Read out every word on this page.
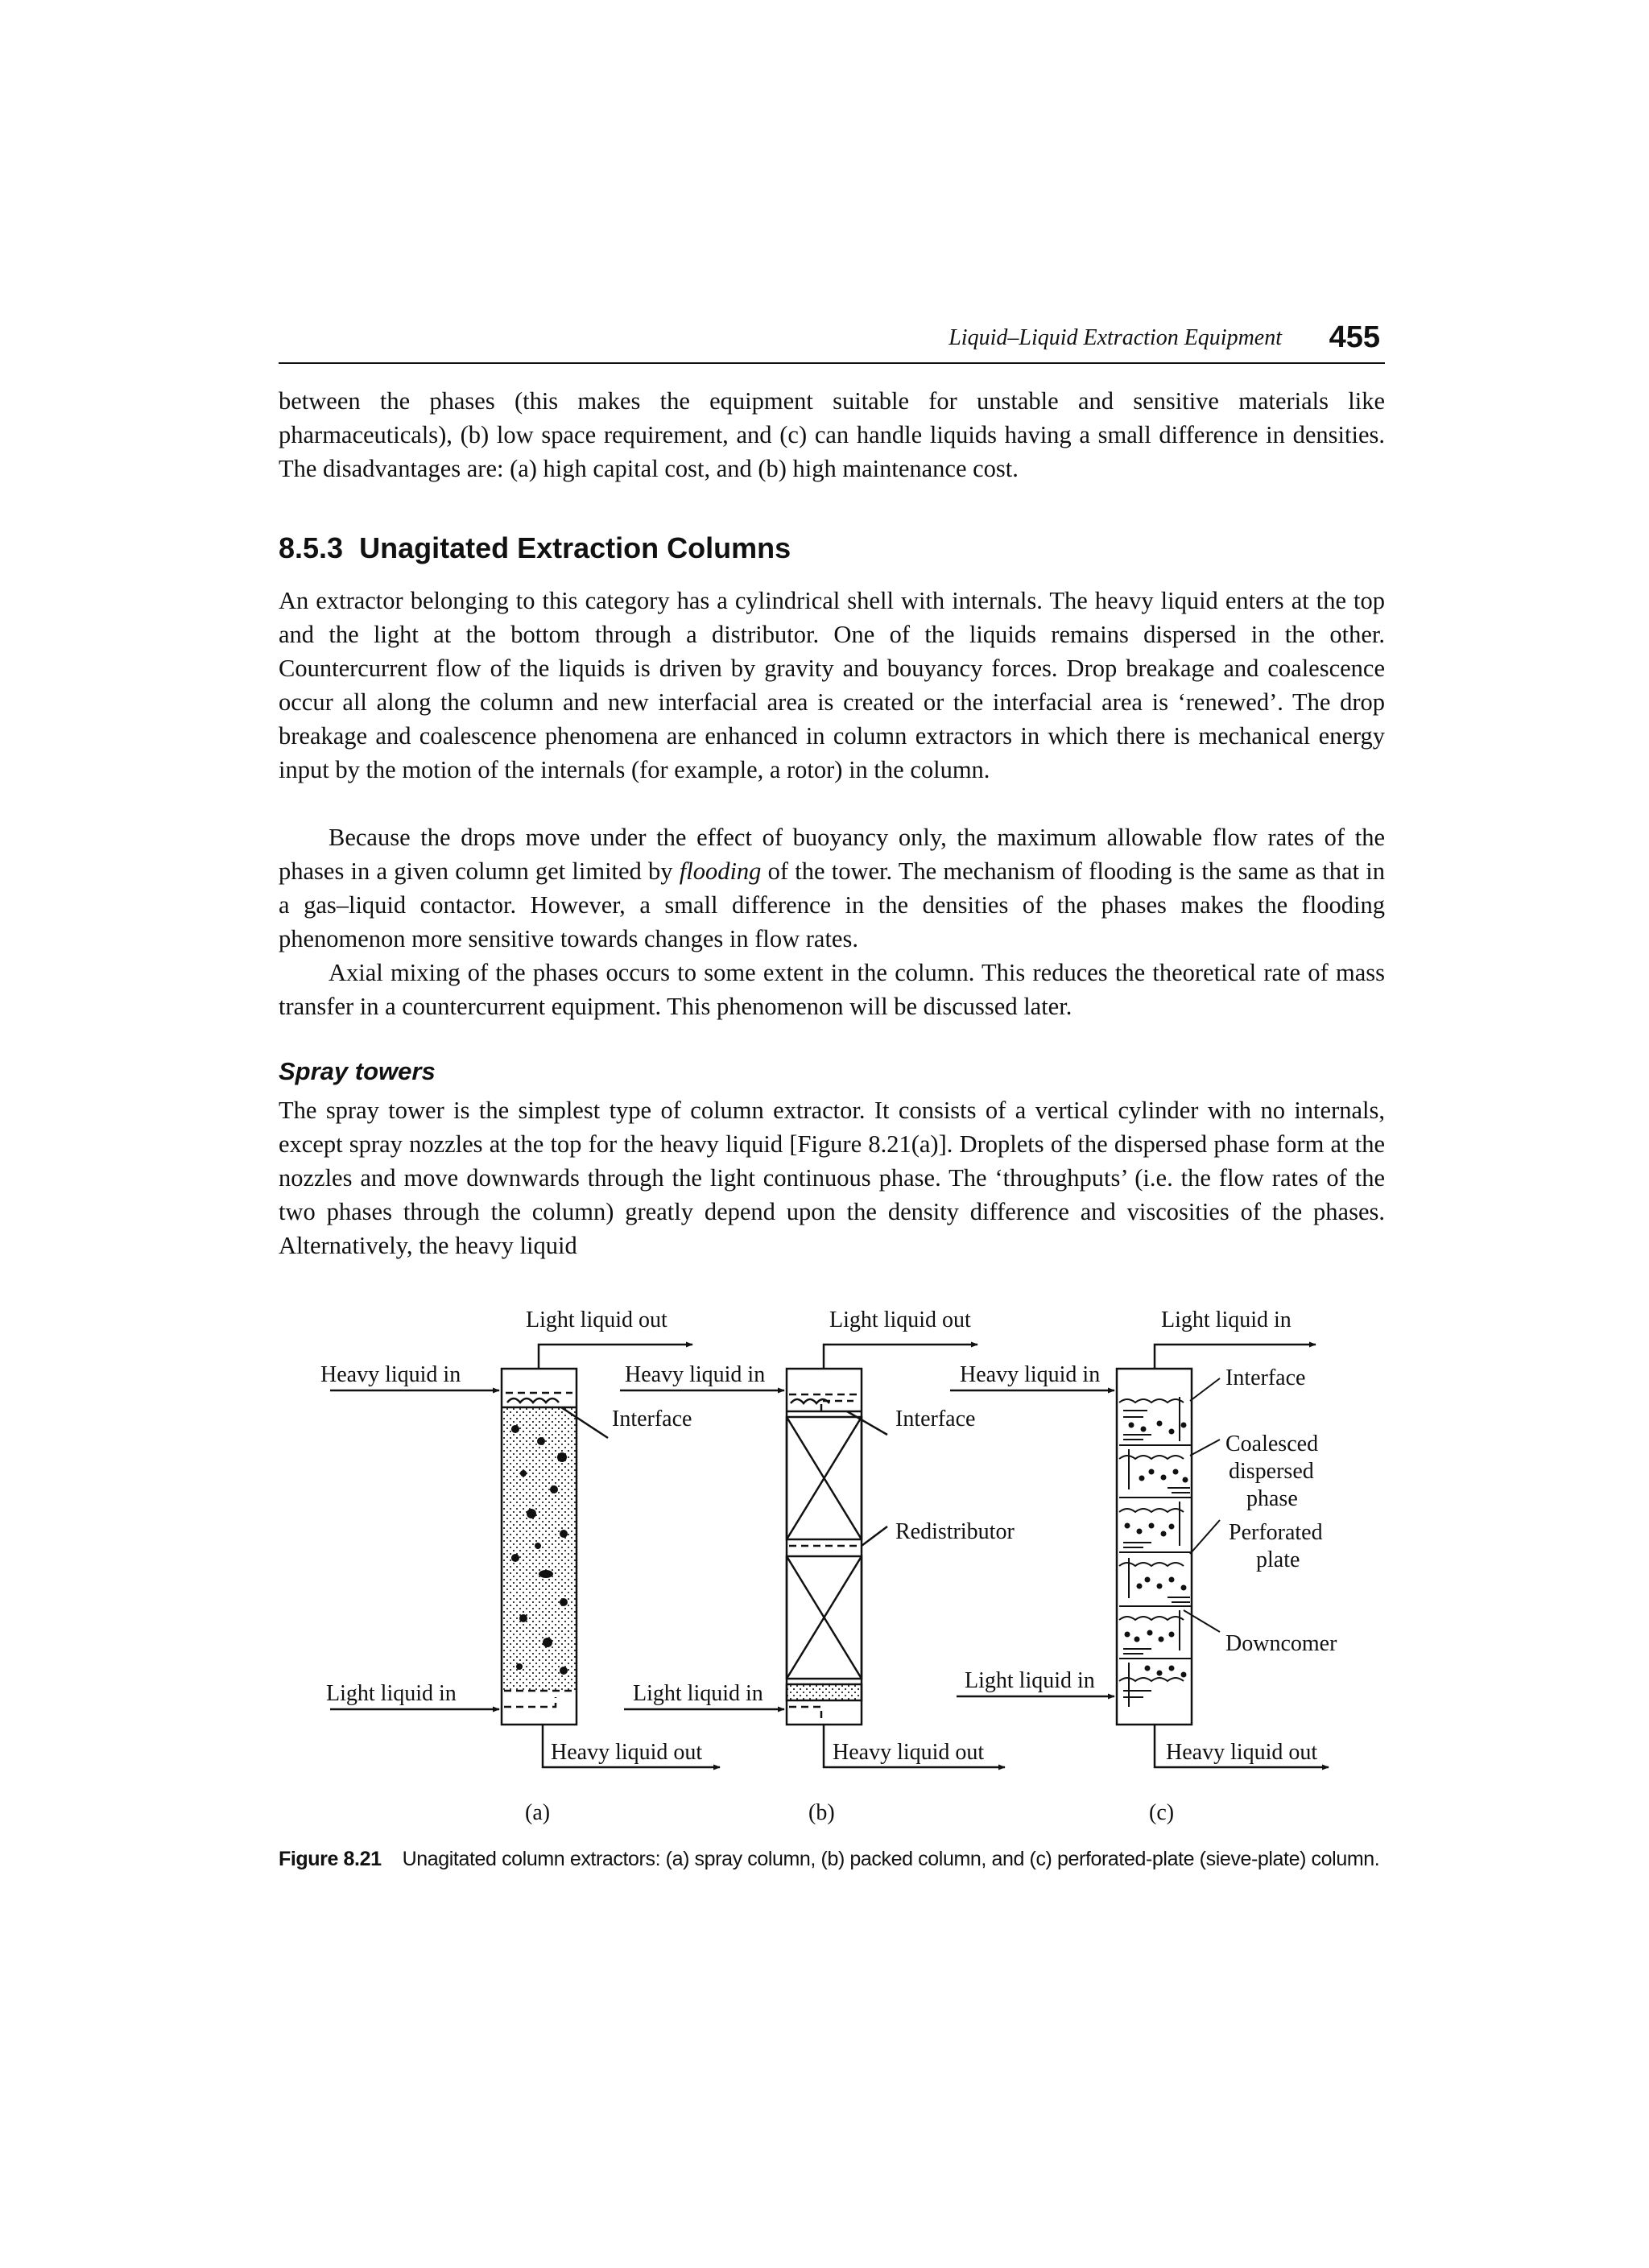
Liquid–Liquid Extraction Equipment 455

between the phases (this makes the equipment suitable for unstable and sensitive materials like pharmaceuticals), (b) low space requirement, and (c) can handle liquids having a small difference in densities. The disadvantages are: (a) high capital cost, and (b) high maintenance cost.

8.5.3 Unagitated Extraction Columns

An extractor belonging to this category has a cylindrical shell with internals. The heavy liquid enters at the top and the light at the bottom through a distributor. One of the liquids remains dispersed in the other. Countercurrent flow of the liquids is driven by gravity and bouyancy forces. Drop breakage and coalescence occur all along the column and new interfacial area is created or the interfacial area is ‘renewed’. The drop breakage and coalescence phenomena are enhanced in column extractors in which there is mechanical energy input by the motion of the internals (for example, a rotor) in the column.

Because the drops move under the effect of buoyancy only, the maximum allowable flow rates of the phases in a given column get limited by flooding of the tower. The mechanism of flooding is the same as that in a gas–liquid contactor. However, a small difference in the densities of the phases makes the flooding phenomenon more sensitive towards changes in flow rates.

Axial mixing of the phases occurs to some extent in the column. This reduces the theoretical rate of mass transfer in a countercurrent equipment. This phenomenon will be discussed later.

Spray towers

The spray tower is the simplest type of column extractor. It consists of a vertical cylinder with no internals, except spray nozzles at the top for the heavy liquid [Figure 8.21(a)]. Droplets of the dispersed phase form at the nozzles and move downwards through the light continuous phase. The ‘throughputs’ (i.e. the flow rates of the two phases through the column) greatly depend upon the density difference and viscosities of the phases. Alternatively, the heavy liquid

Light liquid out
Heavy liquid in
Interface
Light liquid in
Heavy liquid out
(a)
Light liquid out
Heavy liquid in
Interface
Redistributor
Light liquid in
Heavy liquid out
(b)
Light liquid in
Heavy liquid in	Interface
Coalesced
dispersed
phase
Perforated
plate
Downcomer
Light liquid in
Heavy liquid out
(c)
Figure 8.21 Unagitated column extractors: (a) spray column, (b) packed column, and (c) perforated-plate (sieve-plate) column.
